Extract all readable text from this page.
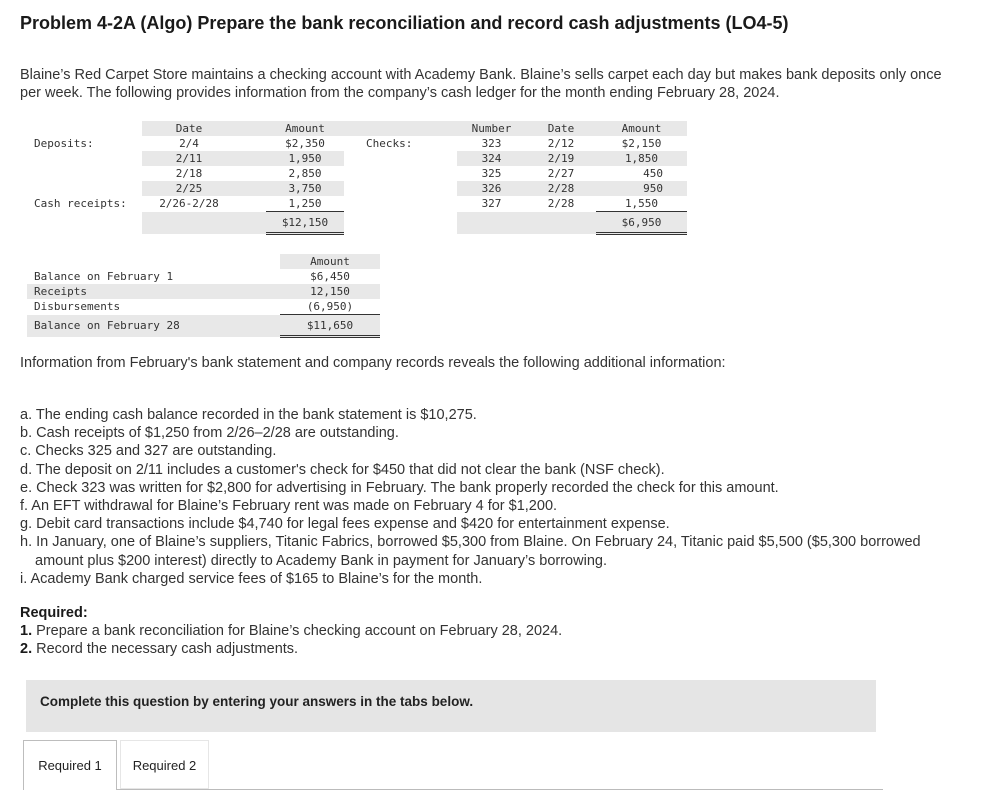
Problem 4-2A (Algo) Prepare the bank reconciliation and record cash adjustments (LO4-5)
Blaine’s Red Carpet Store maintains a checking account with Academy Bank. Blaine’s sells carpet each day but makes bank deposits only once per week. The following provides information from the company’s cash ledger for the month ending February 28, 2024.
	Date		Amount				Number		Date		Amount
Deposits:	2/4		$2,350		Checks:		323		2/12		$2,150
	2/11		1,950				324		2/19		1,850
	2/18		2,850				325		2/27		450
	2/25		3,750				326		2/28		950
Cash receipts:	2/26-2/28		1,250				327		2/28		1,550
			$12,150								$6,950
	Amount
Balance on February 1	$6,450
Receipts	12,150
Disbursements	(6,950)
Balance on February 28	$11,650
Information from February's bank statement and company records reveals the following additional information:
a. The ending cash balance recorded in the bank statement is $10,275.
b. Cash receipts of $1,250 from 2/26–2/28 are outstanding.
c. Checks 325 and 327 are outstanding.
d. The deposit on 2/11 includes a customer's check for $450 that did not clear the bank (NSF check).
e. Check 323 was written for $2,800 for advertising in February. The bank properly recorded the check for this amount.
f. An EFT withdrawal for Blaine’s February rent was made on February 4 for $1,200.
g. Debit card transactions include $4,740 for legal fees expense and $420 for entertainment expense.
h. In January, one of Blaine’s suppliers, Titanic Fabrics, borrowed $5,300 from Blaine. On February 24, Titanic paid $5,500 ($5,300 borrowed amount plus $200 interest) directly to Academy Bank in payment for January’s borrowing.
i. Academy Bank charged service fees of $165 to Blaine’s for the month.
Required:
1. Prepare a bank reconciliation for Blaine’s checking account on February 28, 2024.
2. Record the necessary cash adjustments.
Complete this question by entering your answers in the tabs below.
Required 1	Required 2
